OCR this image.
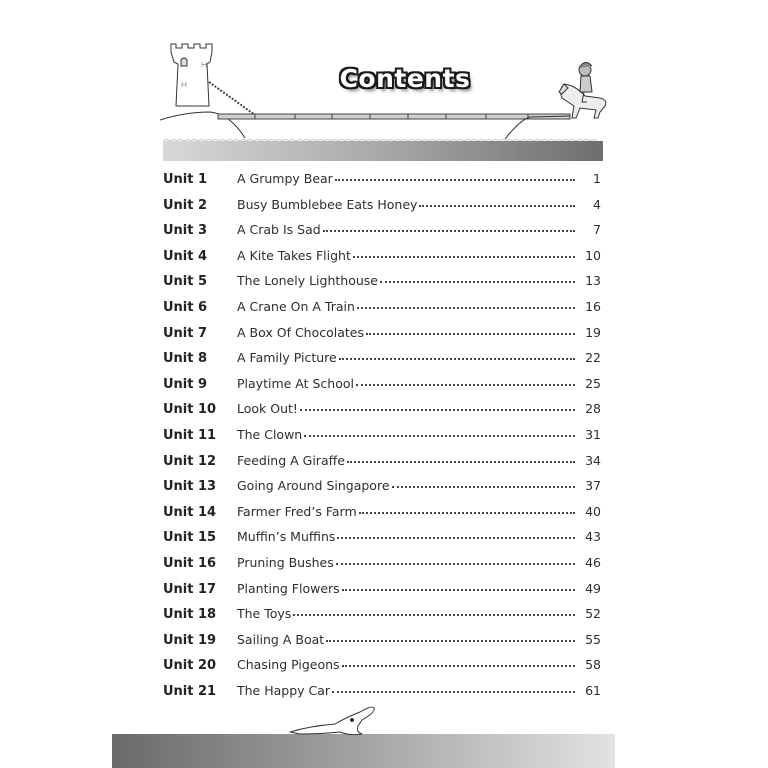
Contents
Unit 1	A Grumpy Bear	1
Unit 2	Busy Bumblebee Eats Honey	4
Unit 3	A Crab Is Sad	7
Unit 4	A Kite Takes Flight	10
Unit 5	The Lonely Lighthouse	13
Unit 6	A Crane On A Train	16
Unit 7	A Box Of Chocolates	19
Unit 8	A Family Picture	22
Unit 9	Playtime At School	25
Unit 10	Look Out!	28
Unit 11	The Clown	31
Unit 12	Feeding A Giraffe	34
Unit 13	Going Around Singapore	37
Unit 14	Farmer Fred’s Farm	40
Unit 15	Muffin’s Muffins	43
Unit 16	Pruning Bushes	46
Unit 17	Planting Flowers	49
Unit 18	The Toys	52
Unit 19	Sailing A Boat	55
Unit 20	Chasing Pigeons	58
Unit 21	The Happy Car	61
